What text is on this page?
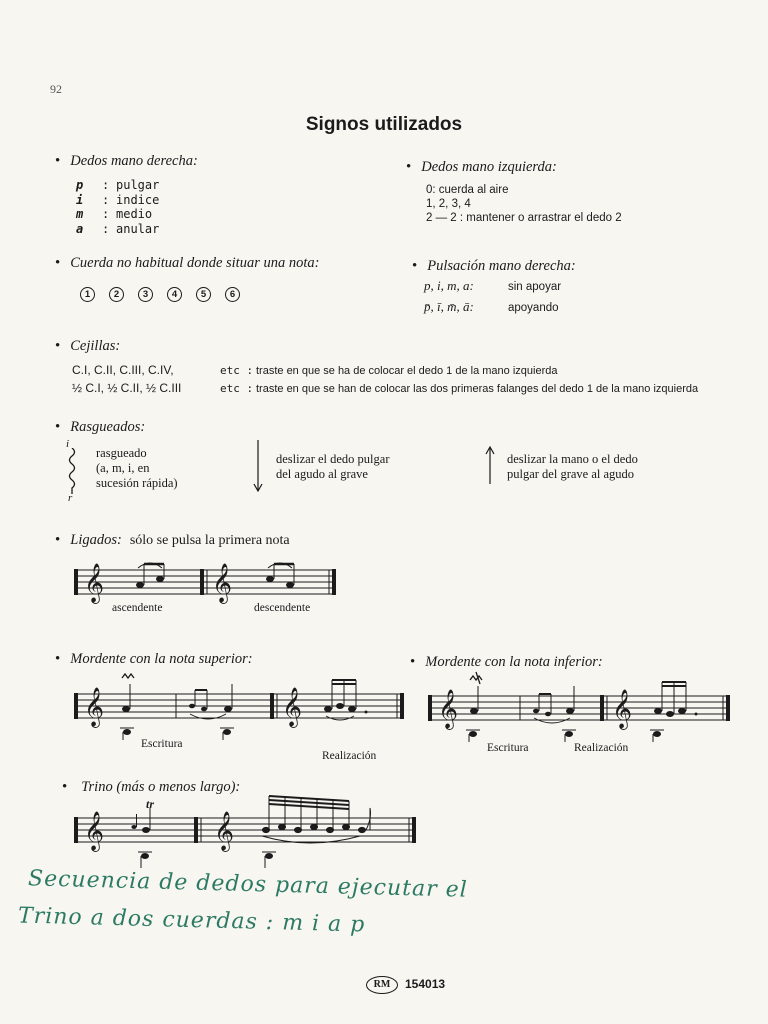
92
Signos utilizados
• Dedos mano derecha:
p	: pulgar
i	: indice
m	: medio
a	: anular
• Dedos mano izquierda:
0: cuerda al aire
1, 2, 3, 4
2 — 2 : mantener o arrastrar el dedo 2
• Cuerda no habitual donde situar una nota:
1 2 3 4 5 6
• Pulsación mano derecha:
p, i, m, a:	sin apoyar
p̄, ī, m̄, ā:	apoyando
• Cejillas:
C.I, C.II, C.III, C.IV,	etc : traste en que se ha de colocar el dedo 1 de la mano izquierda
½ C.I, ½ C.II, ½ C.III	etc : traste en que se han de colocar las dos primeras falanges del dedo 1 de la mano izquierda
• Rasgueados:
i
r
rasgueado
(a, m, i, en
sucesión rápida)
deslizar el dedo pulgar
del agudo al grave
deslizar la mano o el dedo
pulgar del grave al agudo
• Ligados: sólo se pulsa la primera nota
𝄞	𝄞
ascendente	descendente
• Mordente con la nota superior:
𝄞	𝄞
Escritura
Realización
• Mordente con la nota inferior:
𝄞	𝄞
Escritura	Realización
• Trino (más o menos largo):
𝄞	𝄞
tr
Secuencia de dedos para ejecutar el
Trino a dos cuerdas : m i a p
RM	154013
